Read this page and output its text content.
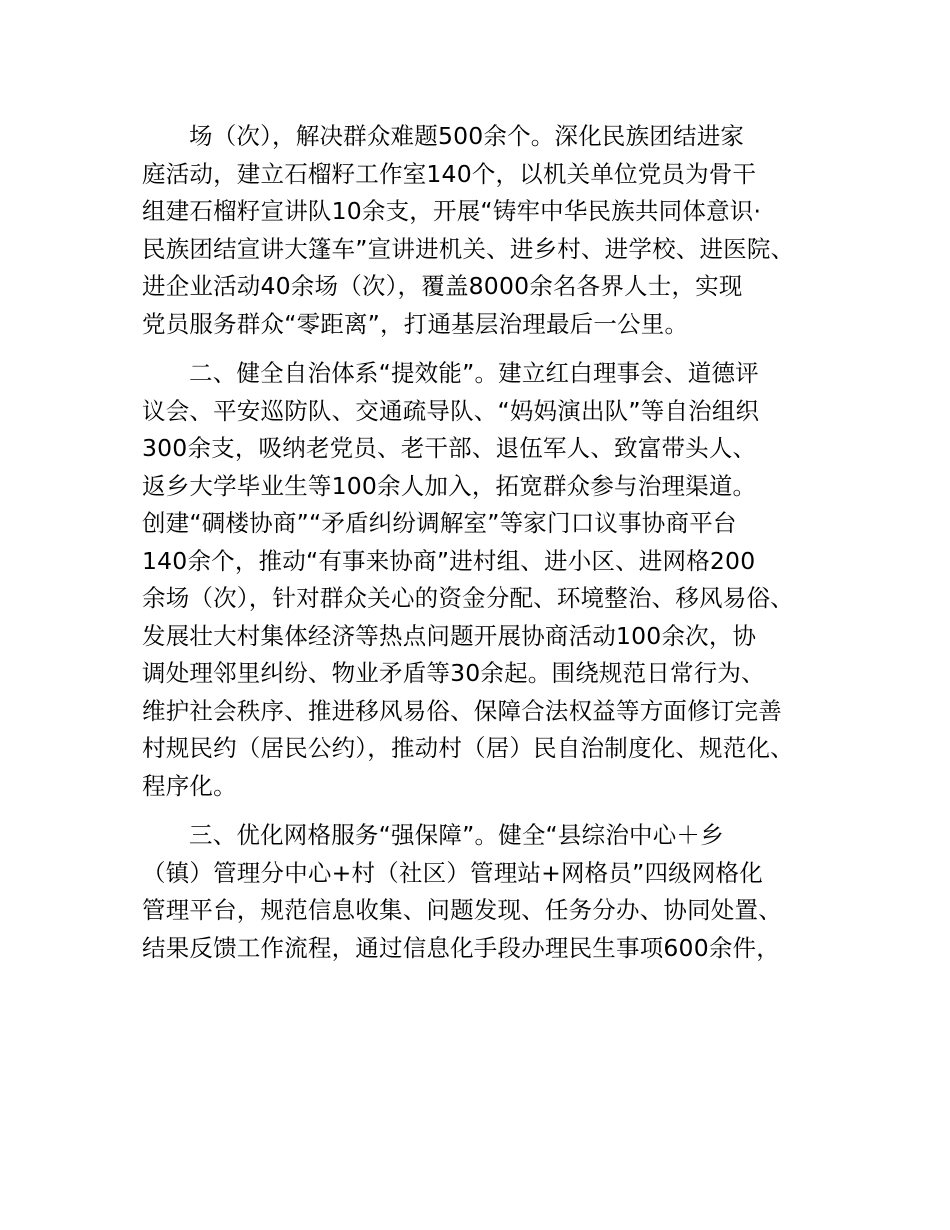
场（次），解决群众难题500余个。深化民族团结进家
庭活动，建立石榴籽工作室140个，以机关单位党员为骨干
组建石榴籽宣讲队10余支，开展“铸牢中华民族共同体意识·
民族团结宣讲大篷车”宣讲进机关、进乡村、进学校、进医院、
进企业活动40余场（次），覆盖8000余名各界人士，实现
党员服务群众“零距离”，打通基层治理最后一公里。

二、健全自治体系“提效能”。建立红白理事会、道德评
议会、平安巡防队、交通疏导队、“妈妈演出队”等自治组织
300余支，吸纳老党员、老干部、退伍军人、致富带头人、
返乡大学毕业生等100余人加入，拓宽群众参与治理渠道。
创建“碉楼协商”“矛盾纠纷调解室”等家门口议事协商平台
140余个，推动“有事来协商”进村组、进小区、进网格200
余场（次），针对群众关心的资金分配、环境整治、移风易俗、
发展壮大村集体经济等热点问题开展协商活动100余次，协
调处理邻里纠纷、物业矛盾等30余起。围绕规范日常行为、
维护社会秩序、推进移风易俗、保障合法权益等方面修订完善
村规民约（居民公约），推动村（居）民自治制度化、规范化、
程序化。

三、优化网格服务“强保障”。健全“县综治中心＋乡
（镇）管理分中心+村（社区）管理站+网格员”四级网格化
管理平台，规范信息收集、问题发现、任务分办、协同处置、
结果反馈工作流程，通过信息化手段办理民生事项600余件，
